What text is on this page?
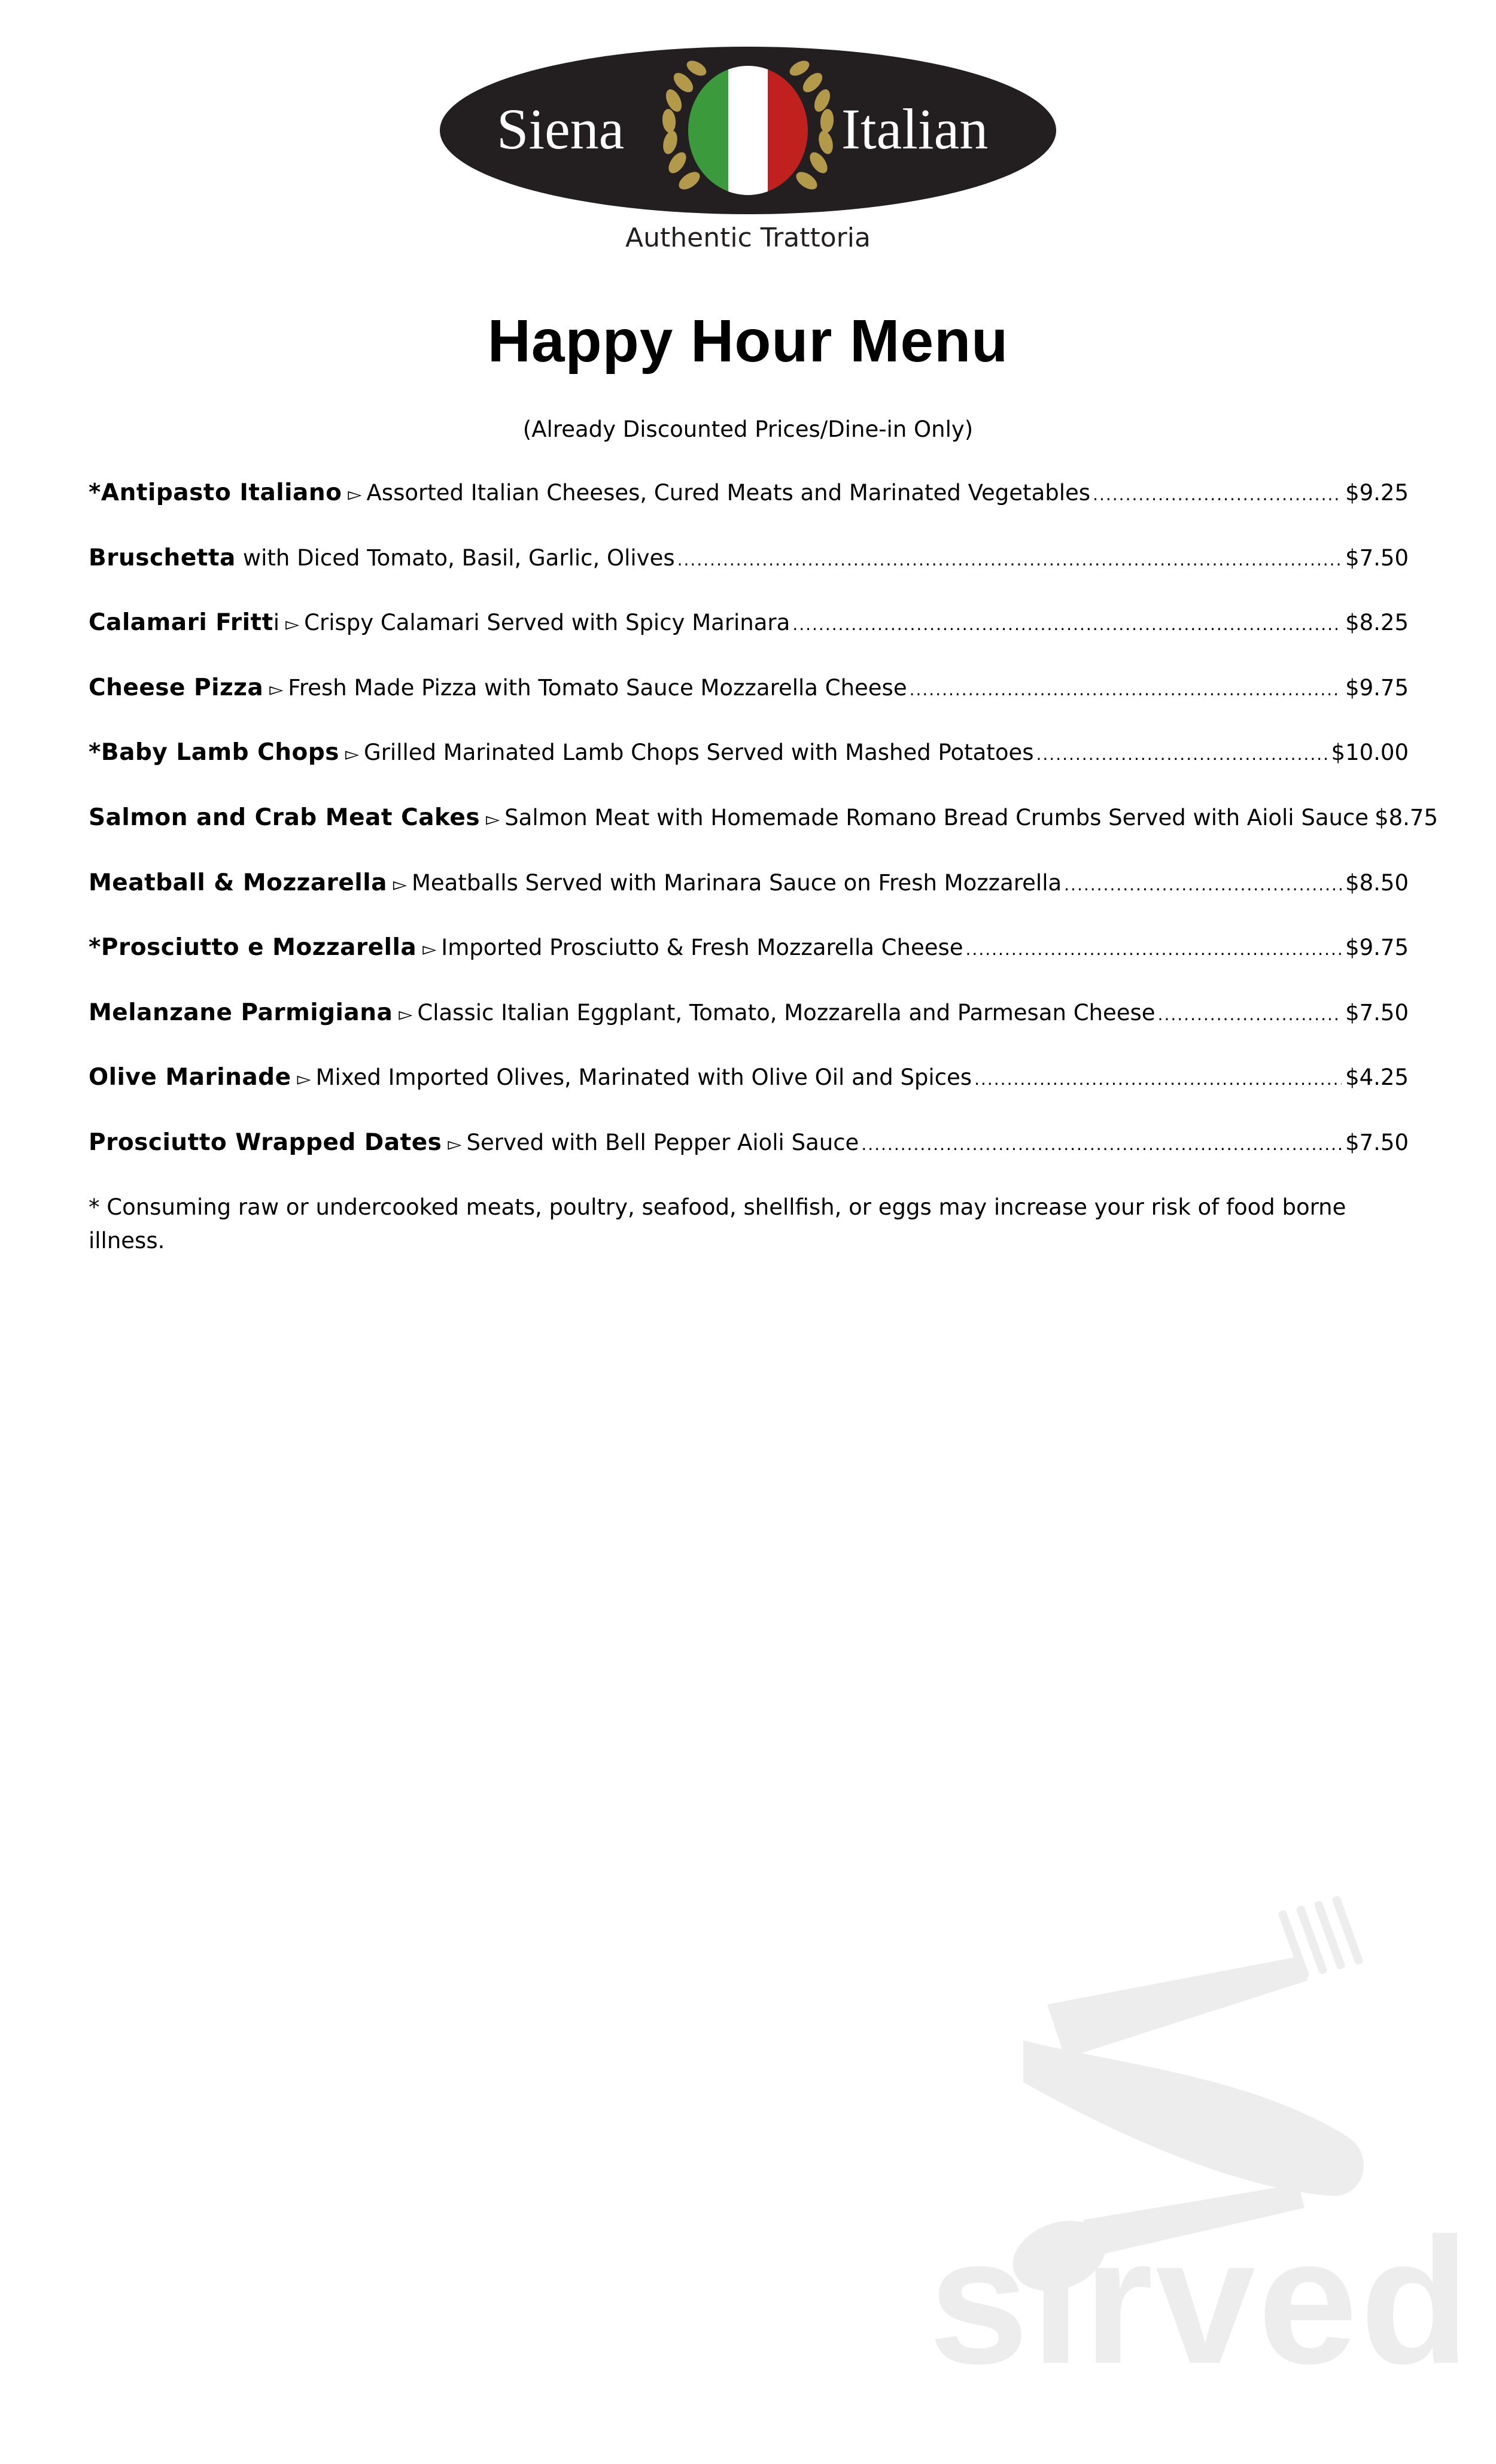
Siena	Italian
Authentic Trattoria
Happy Hour Menu
(Already Discounted Prices/Dine-in Only)
*Antipasto Italiano ▻ Assorted Italian Cheeses, Cured Meats and Marinated Vegetables .....	$9.25
Bruschetta with Diced Tomato, Basil, Garlic, Olives .....	$7.50
Calamari Fritt i ▻ Crispy Calamari Served with Spicy Marinara .....	$8.25
Cheese Pizza ▻ Fresh Made Pizza with Tomato Sauce Mozzarella Cheese .....	$9.75
*Baby Lamb Chops ▻ Grilled Marinated Lamb Chops Served with Mashed Potatoes .....	$10.00
Salmon and Crab Meat Cakes ▻ Salmon Meat with Homemade Romano Bread Crumbs Served with Aioli Sauce $8.75
Meatball & Mozzarella ▻ Meatballs Served with Marinara Sauce on Fresh Mozzarella .....	$8.50
*Prosciutto e Mozzarella ▻ Imported Prosciutto & Fresh Mozzarella Cheese .....	$9.75
Melanzane Parmigiana ▻ Classic Italian Eggplant, Tomato, Mozzarella and Parmesan Cheese .....	$7.50
Olive Marinade ▻ Mixed Imported Olives, Marinated with Olive Oil and Spices .....	$4.25
Prosciutto Wrapped Dates ▻ Served with Bell Pepper Aioli Sauce .....	$7.50
* Consuming raw or undercooked meats, poultry, seafood, shellfish, or eggs may increase your risk of food borne illness.
sirved
